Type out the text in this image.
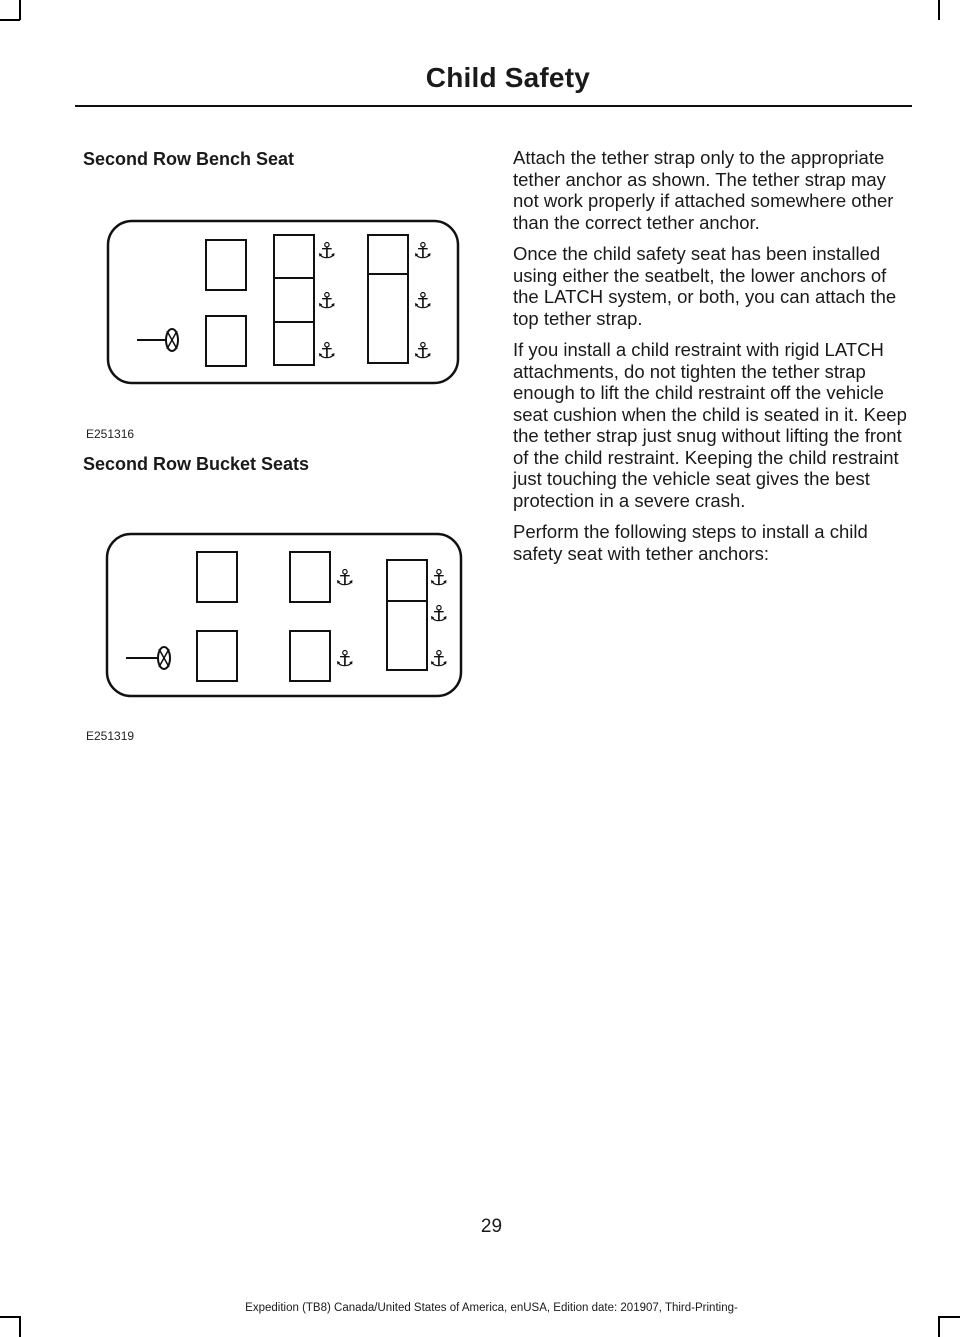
Child Safety
Second Row Bench Seat
⚓
⚓
⚓
⚓
⚓
⚓
E251316
Second Row Bucket Seats
⚓
⚓
⚓
⚓
⚓
E251319

Attach the tether strap only to the appropriate tether anchor as shown. The tether strap may not work properly if attached somewhere other than the correct tether anchor.

Once the child safety seat has been installed using either the seatbelt, the lower anchors of the LATCH system, or both, you can attach the top tether strap.

If you install a child restraint with rigid LATCH attachments, do not tighten the tether strap enough to lift the child restraint off the vehicle seat cushion when the child is seated in it. Keep the tether strap just snug without lifting the front of the child restraint. Keeping the child restraint just touching the vehicle seat gives the best protection in a severe crash.

Perform the following steps to install a child safety seat with tether anchors:

29
Expedition (TB8) Canada/United States of America, enUSA, Edition date: 201907, Third-Printing-
